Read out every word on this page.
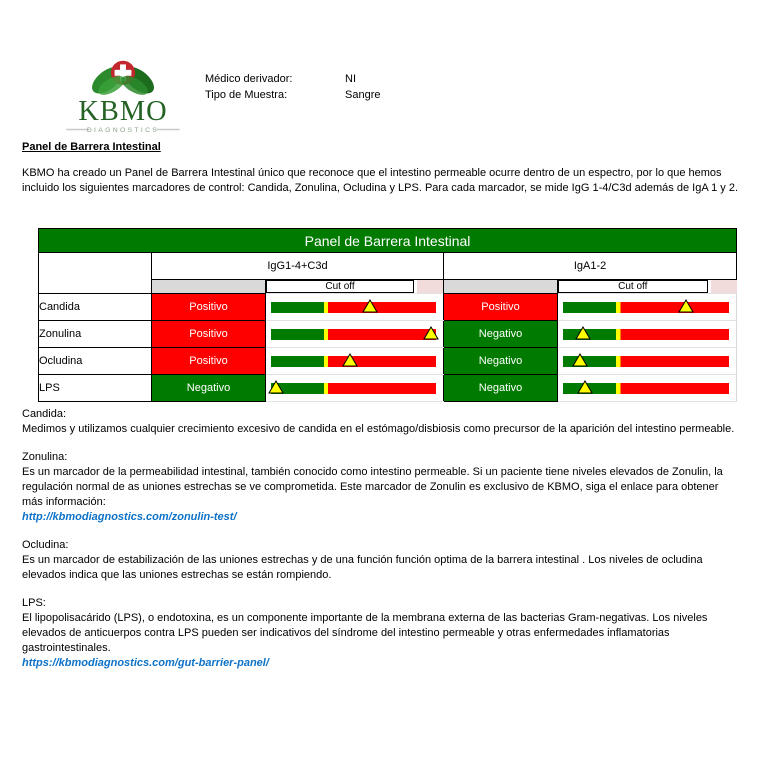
KBMO
DIAGNOSTICS
Médico derivador:	NI
Tipo de Muestra:	Sangre
Panel de Barrera Intestinal
KBMO ha creado un Panel de Barrera Intestinal único que reconoce que el intestino permeable ocurre dentro de un espectro, por lo que hemos incluido los siguientes marcadores de control: Candida, Zonulina, Ocludina y LPS. Para cada marcador, se mide IgG 1-4/C3d además de IgA 1 y 2.
Panel de Barrera Intestinal				
	IgG1-4+C3d		IgA1-2	

		Cut off		Cut off

Candida	Positivo		Positivo	

Zonulina	Positivo		Negativo	

Ocludina	Positivo		Negativo	

LPS	Negativo		Negativo	
Candida:
Medimos y utilizamos cualquier crecimiento excesivo de candida en el estómago/disbiosis como precursor de la aparición del intestino permeable.
Zonulina:
Es un marcador de la permeabilidad intestinal, también conocido como intestino permeable. Si un paciente tiene niveles elevados de Zonulin, la regulación normal de as uniones estrechas se ve comprometida. Este marcador de Zonulin es exclusivo de KBMO, siga el enlace para obtener más información:
http://kbmodiagnostics.com/zonulin-test/
Ocludina:
Es un marcador de estabilización de las uniones estrechas y de una función función optima de la barrera intestinal . Los niveles de ocludina elevados indica que las uniones estrechas se están rompiendo.
LPS:
El lipopolisacárido (LPS), o endotoxina, es un componente importante de la membrana externa de las bacterias Gram-negativas. Los niveles elevados de anticuerpos contra LPS pueden ser indicativos del síndrome del intestino permeable y otras enfermedades inflamatorias gastrointestinales.
https://kbmodiagnostics.com/gut-barrier-panel/
